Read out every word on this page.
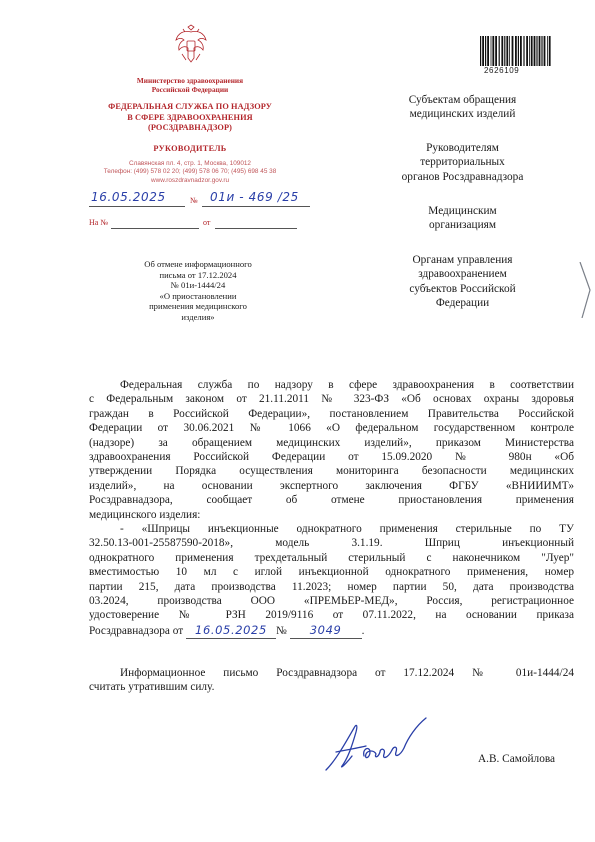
Министерство здравоохранения
Российской Федерации
ФЕДЕРАЛЬНАЯ СЛУЖБА ПО НАДЗОРУ
В СФЕРЕ ЗДРАВООХРАНЕНИЯ
(РОСЗДРАВНАДЗОР)
РУКОВОДИТЕЛЬ
Славянская пл. 4, стр. 1, Москва, 109012
Телефон: (499) 578 02 20; (499) 578 06 70; (495) 698 45 38
www.roszdravnadzor.gov.ru
16.05.2025	№ 01и - 469 /25
На №	от
Об отмене информационного
письма от 17.12.2024
№ 01и-1444/24
«О приостановлении
применения медицинского
изделия»
2626109
Субъектам обращения
медицинских изделий
Руководителям
территориальных
органов Росздравнадзора
Медицинским
организациям
Органам управления
здравоохранением
субъектов Российской
Федерации
Федеральная служба по надзору в сфере здравоохранения в соответствии
с Федеральным законом от 21.11.2011 № 323-ФЗ «Об основах охраны здоровья
граждан в Российской Федерации», постановлением Правительства Российской
Федерации от 30.06.2021 № 1066 «О федеральном государственном контроле
(надзоре) за обращением медицинских изделий», приказом Министерства
здравоохранения Российской Федерации от 15.09.2020 № 980н «Об
утверждении Порядка осуществления мониторинга безопасности медицинских
изделий», на основании экспертного заключения ФГБУ «ВНИИИМТ»
Росздравнадзора, сообщает об отмене приостановления применения
медицинского изделия:
- «Шприцы инъекционные однократного применения стерильные по ТУ
32.50.13-001-25587590-2018», модель 3.1.19. Шприц инъекционный
однократного применения трехдетальный стерильный с наконечником "Луер"
вместимостью 10 мл с иглой инъекционной однократного применения, номер
партии 215, дата производства 11.2023; номер партии 50, дата производства
03.2024, производства ООО «ПРЕМЬЕР-МЕД», Россия, регистрационное
удостоверение № РЗН 2019/9116 от 07.11.2022, на основании приказа
Росздравнадзора от 16.05.2025 № 3049 .
Информационное письмо Росздравнадзора от 17.12.2024 № 01и-1444/24
считать утратившим силу.
А.В. Самойлова
